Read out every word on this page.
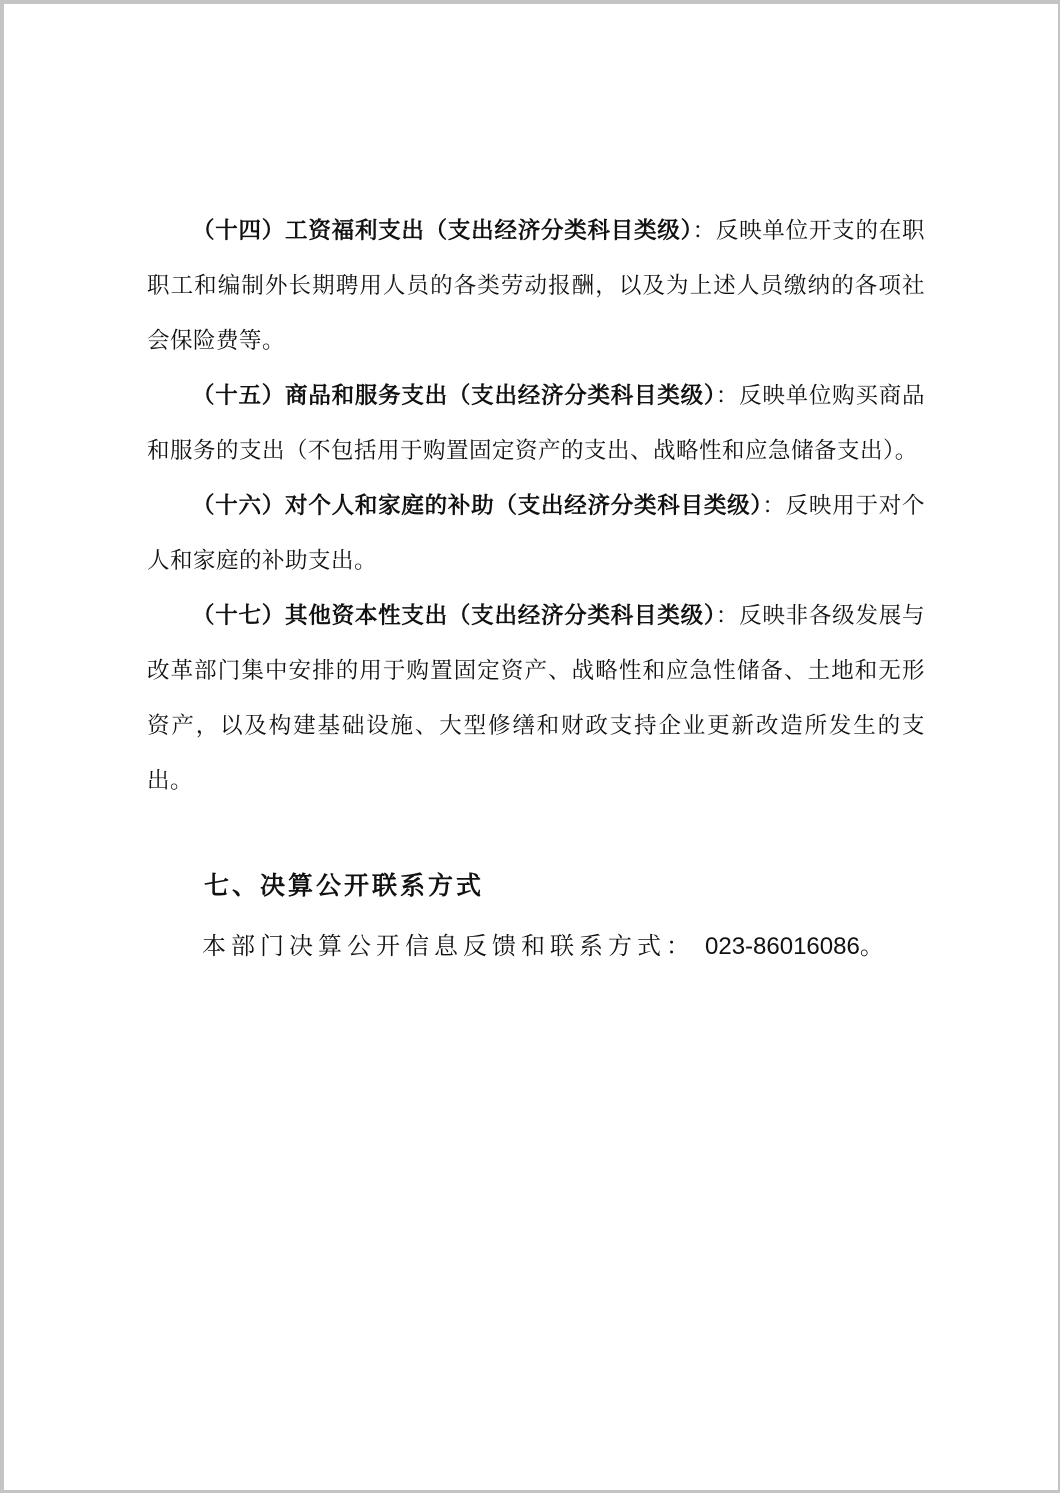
（十四）工资福利支出（支出经济分类科目类级）：反映单位开支的在职职工和编制外长期聘用人员的各类劳动报酬，以及为上述人员缴纳的各项社会保险费等。

（十五）商品和服务支出（支出经济分类科目类级）：反映单位购买商品和服务的支出（不包括用于购置固定资产的支出、战略性和应急储备支出）。

（十六）对个人和家庭的补助（支出经济分类科目类级）：反映用于对个人和家庭的补助支出。

（十七）其他资本性支出（支出经济分类科目类级）：反映非各级发展与改革部门集中安排的用于购置固定资产、战略性和应急性储备、土地和无形资产，以及构建基础设施、大型修缮和财政支持企业更新改造所发生的支出。

七、决算公开联系方式

本部门决算公开信息反馈和联系方式： 023-86016086。
